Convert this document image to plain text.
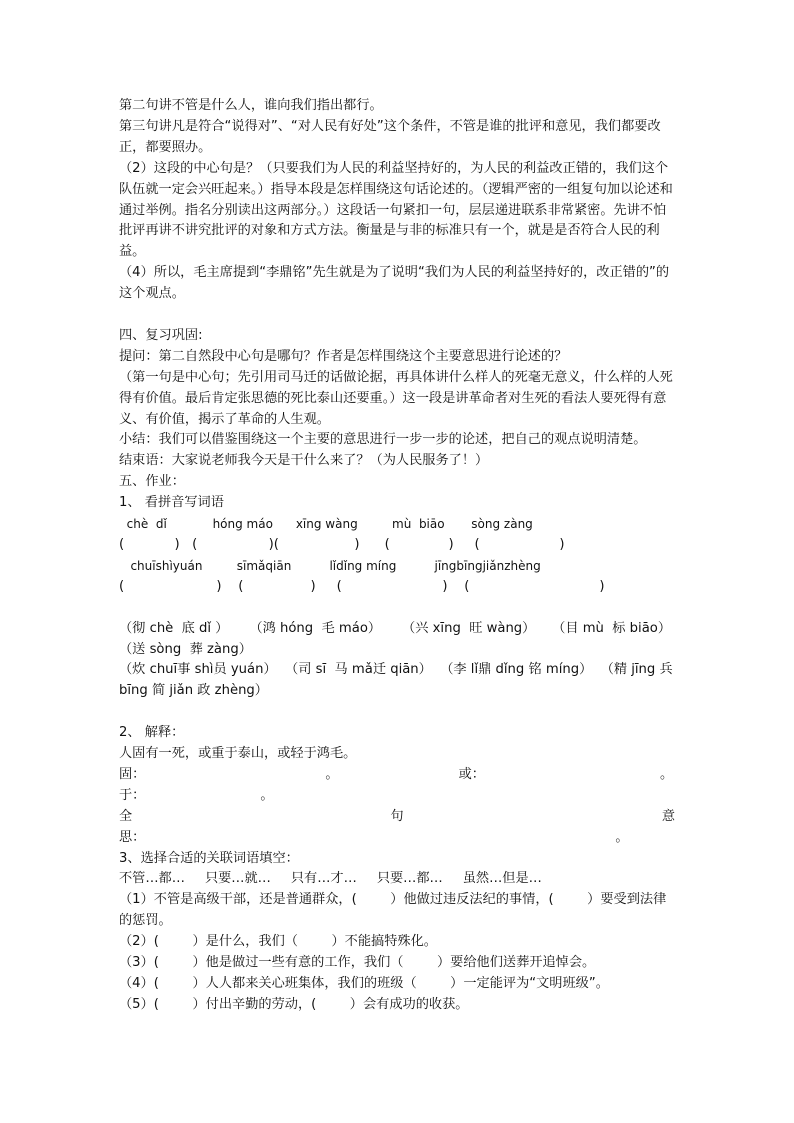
第二句讲不管是什么人，谁向我们指出都行。

第三句讲凡是符合“说得对”、“对人民有好处”这个条件，不管是谁的批评和意见，我们都要改正，都要照办。

（2）这段的中心句是？（只要我们为人民的利益坚持好的，为人民的利益改正错的，我们这个队伍就一定会兴旺起来。）指导本段是怎样围绕这句话论述的。（逻辑严密的一组复句加以论述和通过举例。指名分别读出这两部分。）这段话一句紧扣一句，层层递进联系非常紧密。先讲不怕批评再讲不讲究批评的对象和方式方法。衡量是与非的标准只有一个，就是是否符合人民的利益。

（4）所以，毛主席提到“李鼎铭”先生就是为了说明“我们为人民的利益坚持好的，改正错的”的这个观点。

四、复习巩固:

提问：第二自然段中心句是哪句？作者是怎样围绕这个主要意思进行论述的？

（第一句是中心句；先引用司马迁的话做论据，再具体讲什么样人的死毫无意义，什么样的人死得有价值。最后肯定张思德的死比泰山还要重。）这一段是讲革命者对生死的看法人要死得有意义、有价值，揭示了革命的人生观。

小结：我们可以借鉴围绕这一个主要的意思进行一步一步的论述，把自己的观点说明清楚。

结束语：大家说老师我今天是干什么来了？（为人民服务了！）

五、作业：

1、 看拼音写词语

chè  dǐ            hóng máo      xīng wàng         mù  biāo       sòng zàng

(            )   (                 )(                  )      (              )     (                   )

chuīshìyuán         sīmǎqiān          lǐdǐng míng          jīngbīngjiǎnzhèng

(                      )    (                )     (                        )    (                               )

（彻 chè  底 dǐ ）     （鸿 hóng  毛 máo）     （兴 xīng  旺 wàng）    （目 mù  标 biāo）（送 sòng  葬 zàng）

（炊 chuī事 shì员 yuán）  （司 sī  马 mǎ迁 qiān）  （李 lǐ鼎 dǐng 铭 míng）  （精 jīng 兵 bīng 简 jiǎn 政 zhèng）

2、 解释：

人固有一死，或重于泰山，或轻于鸿毛。

固：	。	或：	。
于：	。
全	句	意
思：	。

3、选择合适的关联词语填空：

不管…都… 只要…就… 只有…才… 只要…都… 虽然…但是…

（1）不管是高级干部，还是普通群众，(        ）他做过违反法纪的事情，(        ）要受到法律的惩罚。

（2）(        ）是什么，我们（        ）不能搞特殊化。

（3）(        ）他是做过一些有意的工作，我们（        ）要给他们送葬开追悼会。

（4）(        ）人人都来关心班集体，我们的班级（        ）一定能评为“文明班级”。

（5）(        ）付出辛勤的劳动，(        ）会有成功的收获。
